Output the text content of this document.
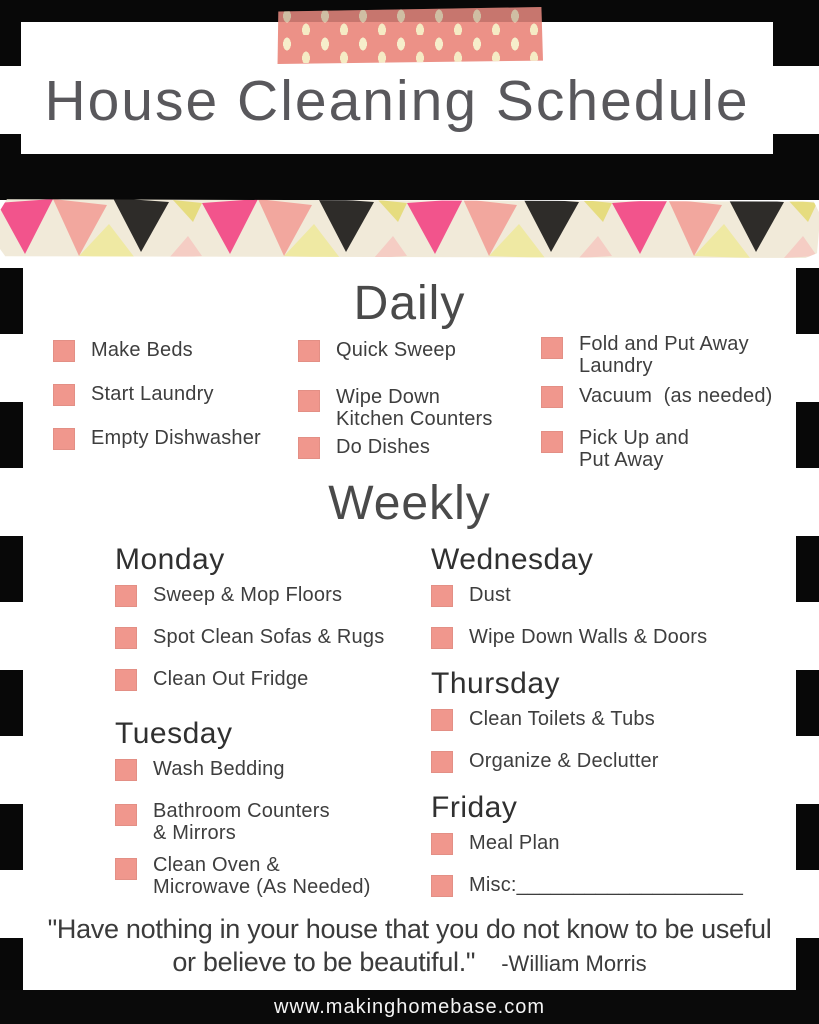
House Cleaning Schedule
Daily
Make Beds
Start Laundry
Empty Dishwasher
Quick Sweep
Wipe Down
Kitchen Counters
Do Dishes
Fold and Put Away
Laundry
Vacuum  (as needed)
Pick Up and
Put Away
Weekly
Monday
Sweep & Mop Floors
Spot Clean Sofas & Rugs
Clean Out Fridge
Tuesday
Wash Bedding
Bathroom Counters
& Mirrors
Clean Oven &
Microwave (As Needed)
Wednesday
Dust
Wipe Down Walls & Doors
Thursday
Clean Toilets & Tubs
Organize & Declutter
Friday
Meal Plan
Misc:____________________
"Have nothing in your house that you do not know to be useful or believe to be beautiful." -William Morris
www.makinghomebase.com
